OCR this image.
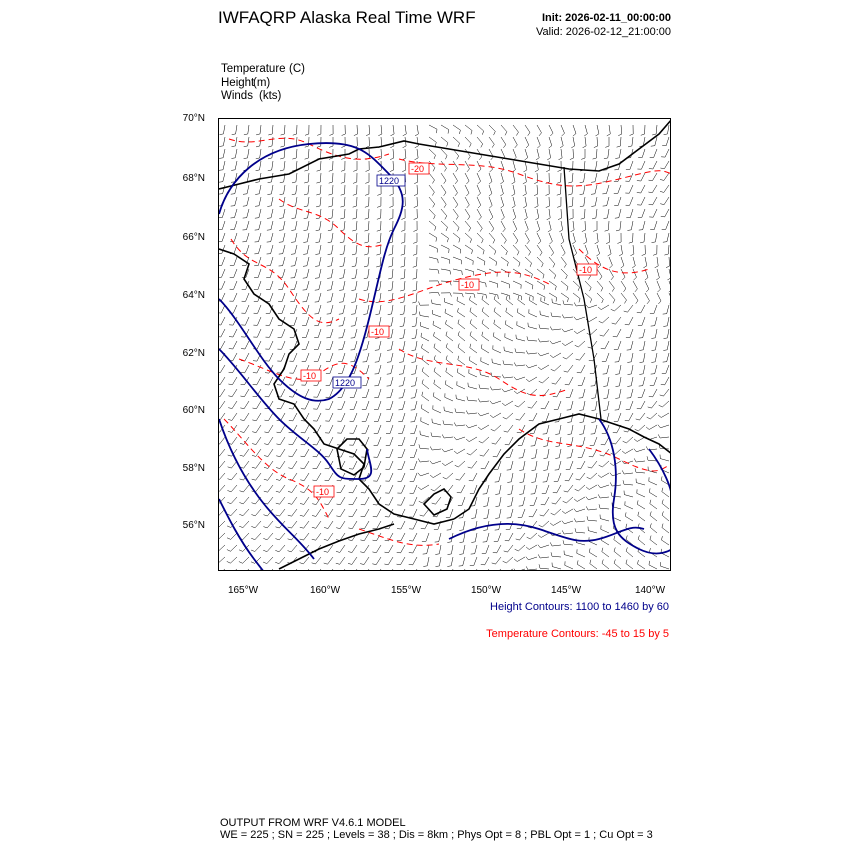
IWFAQRP Alaska Real Time WRF	Init: 2026-02-11_00:00:00
Valid: 2026-02-12_21:00:00
Temperature (C)
Height(m)
Winds (kts)
70°N
68°N
66°N
64°N
62°N
60°N
58°N
56°N
165°W	160°W	155°W	150°W	145°W	140°W
1220
1220
-20
-10
-10
-10
-10
-10
Height Contours: 1100 to 1460 by 60
Temperature Contours: -45 to 15 by 5
OUTPUT FROM WRF V4.6.1 MODEL
WE = 225 ; SN = 225 ; Levels = 38 ; Dis = 8km ; Phys Opt = 8 ; PBL Opt = 1 ; Cu Opt = 3
